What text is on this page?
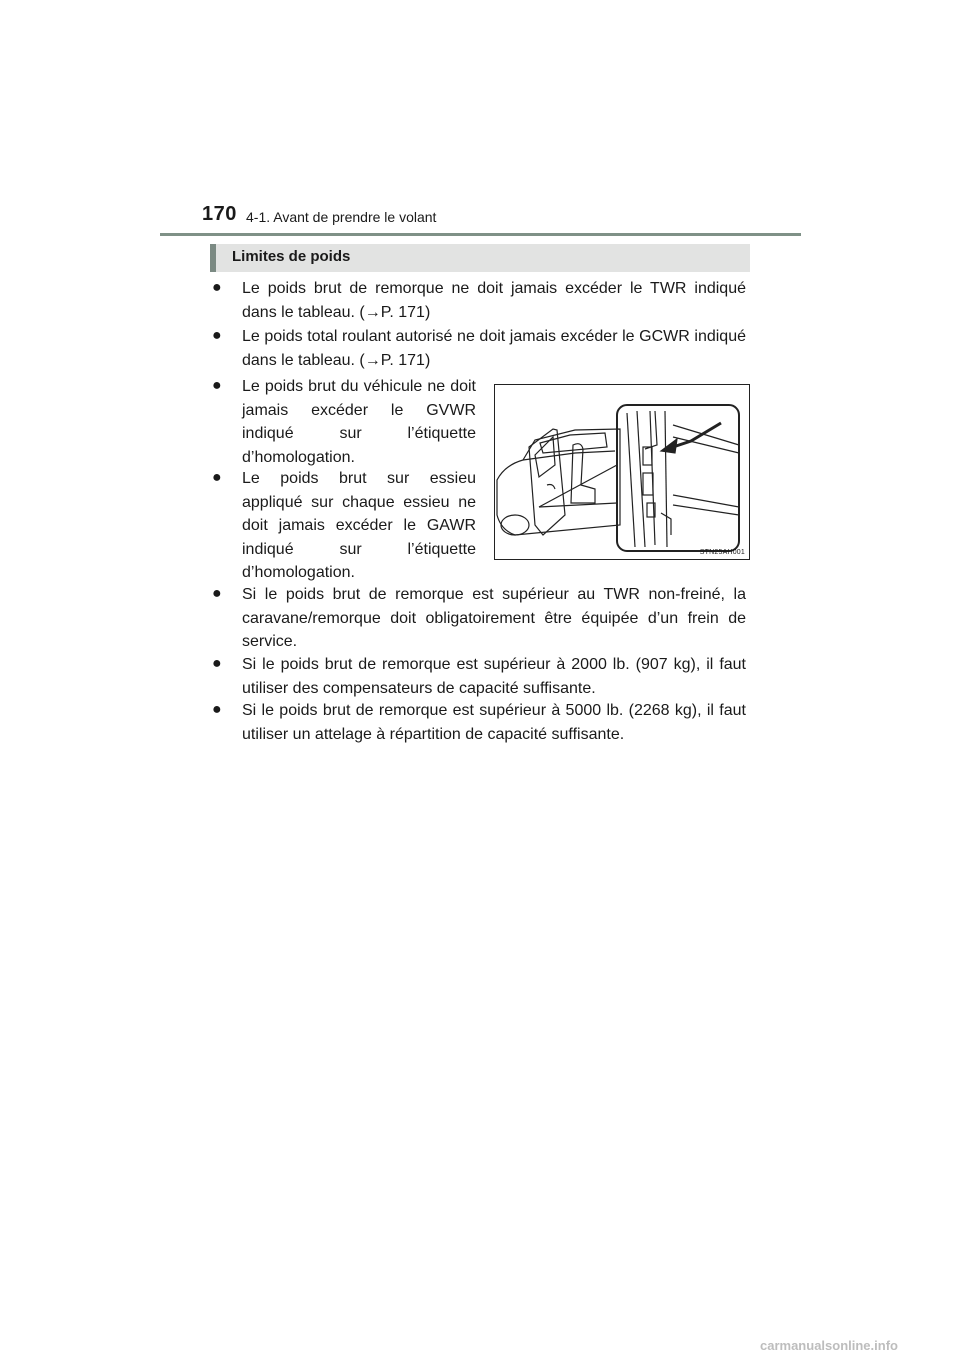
170 4-1. Avant de prendre le volant
Limites de poids
● Le poids brut de remorque ne doit jamais excéder le TWR indiqué dans le tableau. (→P. 171)
● Le poids total roulant autorisé ne doit jamais excéder le GCWR indiqué dans le tableau. (→P. 171)
● Le poids brut du véhicule ne doit jamais excéder le GVWR indiqué sur l’étiquette d’homologation.
● Le poids brut sur essieu appliqué sur chaque essieu ne doit jamais excéder le GAWR indiqué sur l’étiquette d’homologation.
STN25AH001
● Si le poids brut de remorque est supérieur au TWR non-freiné, la caravane/remorque doit obligatoirement être équipée d’un frein de service.
● Si le poids brut de remorque est supérieur à 2000 lb. (907 kg), il faut utiliser des compensateurs de capacité suffisante.
● Si le poids brut de remorque est supérieur à 5000 lb. (2268 kg), il faut utiliser un attelage à répartition de capacité suffisante.
carmanualsonline.info
